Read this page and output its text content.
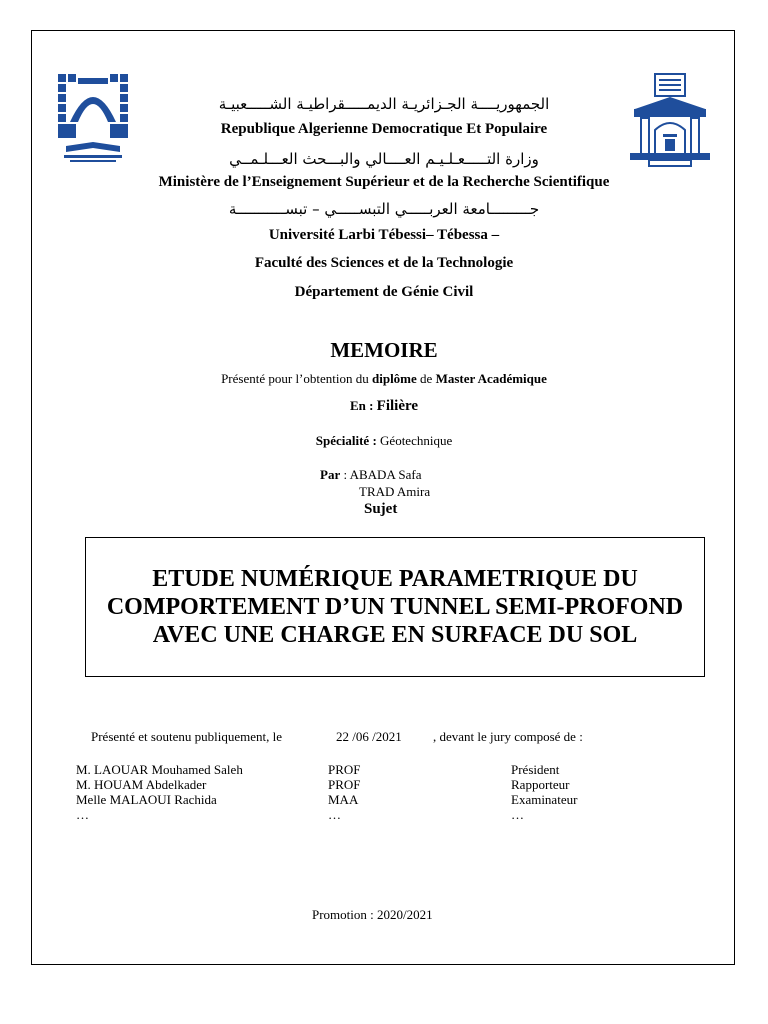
الجمهوريــــة الجـزائريـة الديمـــــقراطيـة الشـــــعبيـة
Republique Algerienne Democratique Et Populaire
وزارة التـــــعـلـيـم العــــالي والبـــحث العـــلـمــي
Ministère de l’Enseignement Supérieur et de la Recherche Scientifique
جـــــــــامعة العربـــــي التبســـــي – تبســـــــــــة
Université Larbi Tébessi– Tébessa –
Faculté des Sciences et de la Technologie
Département de Génie Civil
MEMOIRE
Présenté pour l’obtention du diplôme de Master Académique
En : Filière
Spécialité : Géotechnique
Par : ABADA Safa
TRAD Amira
Sujet
ETUDE NUMÉRIQUE PARAMETRIQUE DU COMPORTEMENT D’UN TUNNEL SEMI-PROFOND AVEC UNE CHARGE EN SURFACE DU SOL
Présenté et soutenu publiquement, le	22 /06 /2021 , devant le jury composé de :
M. LAOUAR Mouhamed Saleh	PROF	Président
M. HOUAM Abdelkader	PROF	Rapporteur
Melle MALAOUI Rachida	MAA	Examinateur
…	…	…
Promotion : 2020/2021
